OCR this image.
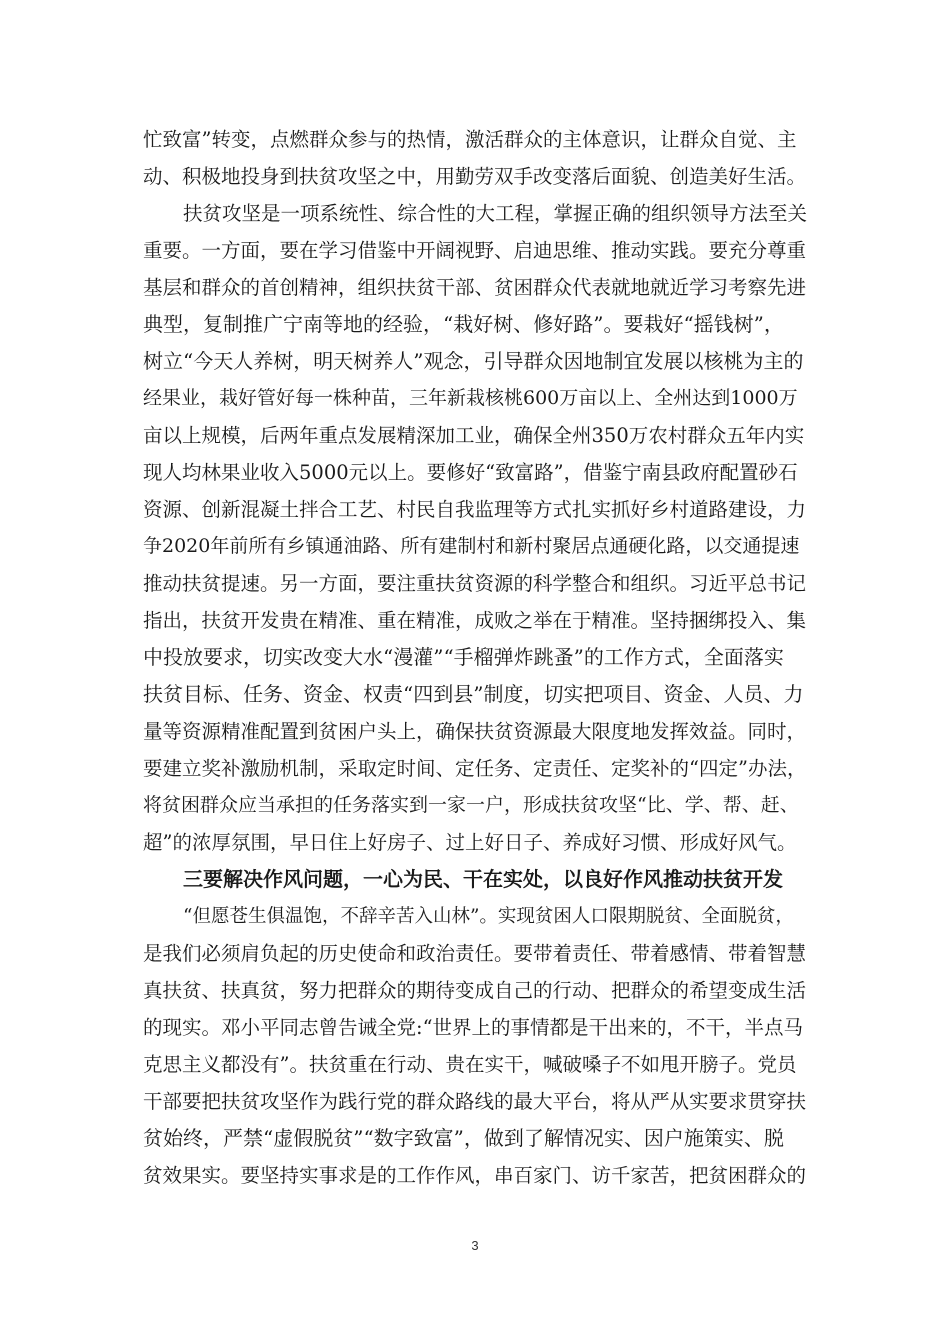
忙致富”转变，点燃群众参与的热情，激活群众的主体意识，让群众自觉、主
动、积极地投身到扶贫攻坚之中，用勤劳双手改变落后面貌、创造美好生活。
扶贫攻坚是一项系统性、综合性的大工程，掌握正确的组织领导方法至关
重要。一方面，要在学习借鉴中开阔视野、启迪思维、推动实践。要充分尊重
基层和群众的首创精神，组织扶贫干部、贫困群众代表就地就近学习考察先进
典型，复制推广宁南等地的经验，“栽好树、修好路”。要栽好“摇钱树”，
树立“今天人养树，明天树养人”观念，引导群众因地制宜发展以核桃为主的
经果业，栽好管好每一株种苗，三年新栽核桃600万亩以上、全州达到1000万
亩以上规模，后两年重点发展精深加工业，确保全州350万农村群众五年内实
现人均林果业收入5000元以上。要修好“致富路”，借鉴宁南县政府配置砂石
资源、创新混凝土拌合工艺、村民自我监理等方式扎实抓好乡村道路建设，力
争2020年前所有乡镇通油路、所有建制村和新村聚居点通硬化路，以交通提速
推动扶贫提速。另一方面，要注重扶贫资源的科学整合和组织。习近平总书记
指出，扶贫开发贵在精准、重在精准，成败之举在于精准。坚持捆绑投入、集
中投放要求，切实改变大水“漫灌”“手榴弹炸跳蚤”的工作方式，全面落实
扶贫目标、任务、资金、权责“四到县”制度，切实把项目、资金、人员、力
量等资源精准配置到贫困户头上，确保扶贫资源最大限度地发挥效益。同时，
要建立奖补激励机制，采取定时间、定任务、定责任、定奖补的“四定”办法，
将贫困群众应当承担的任务落实到一家一户，形成扶贫攻坚“比、学、帮、赶、
超”的浓厚氛围，早日住上好房子、过上好日子、养成好习惯、形成好风气。
三要解决作风问题，一心为民、干在实处，以良好作风推动扶贫开发
“但愿苍生俱温饱，不辞辛苦入山林”。实现贫困人口限期脱贫、全面脱贫，
是我们必须肩负起的历史使命和政治责任。要带着责任、带着感情、带着智慧
真扶贫、扶真贫，努力把群众的期待变成自己的行动、把群众的希望变成生活
的现实。邓小平同志曾告诫全党:“世界上的事情都是干出来的，不干，半点马
克思主义都没有”。扶贫重在行动、贵在实干，喊破嗓子不如甩开膀子。党员
干部要把扶贫攻坚作为践行党的群众路线的最大平台，将从严从实要求贯穿扶
贫始终，严禁“虚假脱贫”“数字致富”，做到了解情况实、因户施策实、脱
贫效果实。要坚持实事求是的工作作风，串百家门、访千家苦，把贫困群众的
3
